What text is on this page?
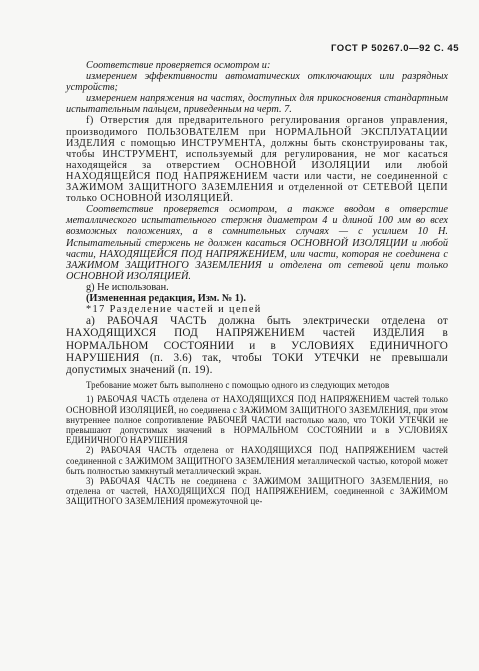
ГОСТ Р 50267.0—92 С. 45

Соответствие проверяется осмотром и:

измерением эффективности автоматических отключающих или разрядных устройств;

измерением напряжения на частях, доступных для прикосновения стандартным испытательным пальцем, приведенным на черт. 7.

f) Отверстия для предварительного регулирования органов управления, производимого ПОЛЬЗОВАТЕЛЕМ при НОРМАЛЬНОЙ ЭКСПЛУАТАЦИИ ИЗДЕЛИЯ с помощью ИНСТРУМЕНТА, должны быть сконструированы так, чтобы ИНСТРУМЕНТ, используемый для регулирования, не мог касаться находящейся за отверстием ОСНОВНОЙ ИЗОЛЯЦИИ или любой НАХОДЯЩЕЙСЯ ПОД НАПРЯЖЕНИЕМ части или части, не соединенной с ЗАЖИМОМ ЗАЩИТНОГО ЗАЗЕМЛЕНИЯ и отделенной от СЕТЕВОЙ ЦЕПИ только ОСНОВНОЙ ИЗОЛЯЦИЕЙ.

Соответствие проверяется осмотром, а также вводом в отверстие металлического испытательного стержня диаметром 4 и длиной 100 мм во всех возможных положениях, а в сомнительных случаях — с усилием 10 Н. Испытательный стержень не должен касаться ОСНОВНОЙ ИЗОЛЯЦИИ и любой части, НАХОДЯЩЕЙСЯ ПОД НАПРЯЖЕНИЕМ, или части, которая не соединена с ЗАЖИМОМ ЗАЩИТНОГО ЗАЗЕМЛЕНИЯ и отделена от сетевой цепи только ОСНОВНОЙ ИЗОЛЯЦИЕЙ.

g) Не использован.

(Измененная редакция, Изм. № 1).

*17 Разделение частей и цепей

а) РАБОЧАЯ ЧАСТЬ должна быть электрически отделена от НАХОДЯЩИХСЯ ПОД НАПРЯЖЕНИЕМ частей ИЗДЕЛИЯ в НОРМАЛЬНОМ СОСТОЯНИИ и в УСЛОВИЯХ ЕДИНИЧНОГО НАРУШЕНИЯ (п. 3.6) так, чтобы ТОКИ УТЕЧКИ не превышали допустимых значений (п. 19).

Требование может быть выполнено с помощью одного из следующих методов

1) РАБОЧАЯ ЧАСТЬ отделена от НАХОДЯЩИХСЯ ПОД НАПРЯЖЕНИЕМ частей только ОСНОВНОЙ ИЗОЛЯЦИЕЙ, но соединена с ЗАЖИМОМ ЗАЩИТНОГО ЗАЗЕМЛЕНИЯ, при этом внутреннее полное сопротивление РАБОЧЕЙ ЧАСТИ настолько мало, что ТОКИ УТЕЧКИ не превышают допустимых значений в НОРМАЛЬНОМ СОСТОЯНИИ и в УСЛОВИЯХ ЕДИНИЧНОГО НАРУШЕНИЯ

2) РАБОЧАЯ ЧАСТЬ отделена от НАХОДЯЩИХСЯ ПОД НАПРЯЖЕНИЕМ частей соединенной с ЗАЖИМОМ ЗАЩИТНОГО ЗАЗЕМЛЕНИЯ металлической частью, которой может быть полностью замкнутый металлический экран.

3) РАБОЧАЯ ЧАСТЬ не соединена с ЗАЖИМОМ ЗАЩИТНОГО ЗАЗЕМЛЕНИЯ, но отделена от частей, НАХОДЯЩИХСЯ ПОД НАПРЯЖЕНИЕМ, соединенной с ЗАЖИМОМ ЗАЩИТНОГО ЗАЗЕМЛЕНИЯ промежуточной це-
